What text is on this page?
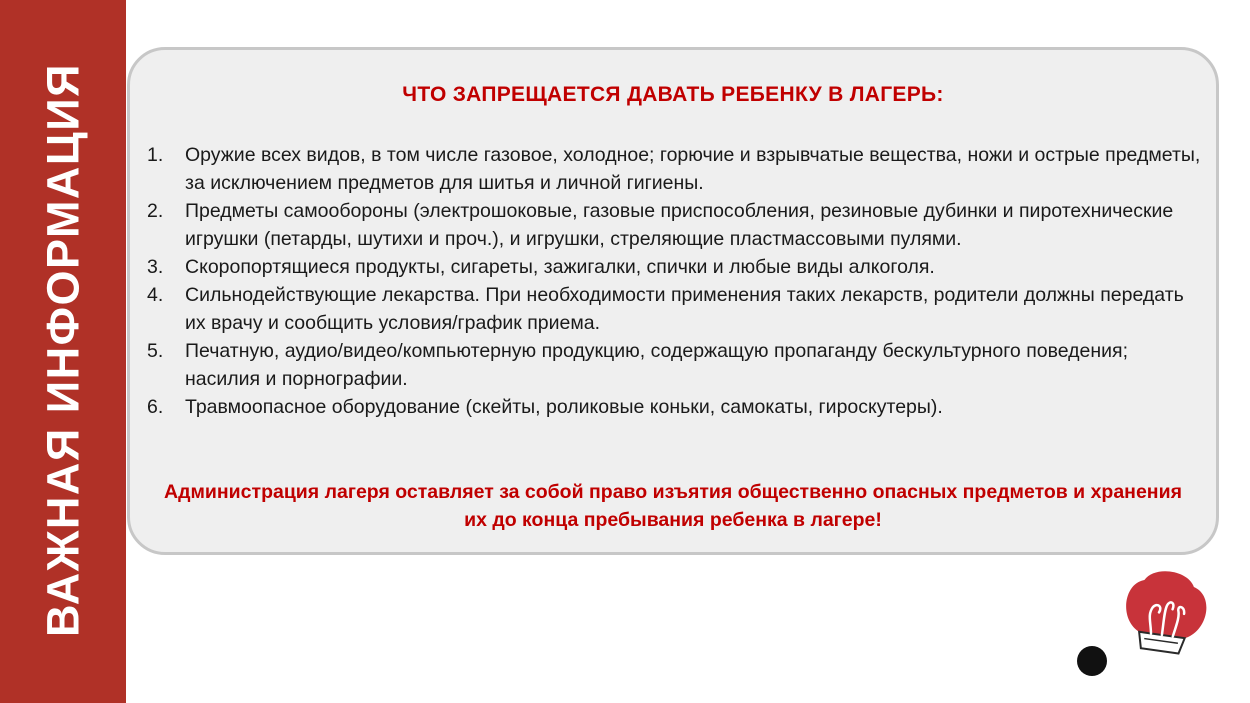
ВАЖНАЯ ИНФОРМАЦИЯ	ЧТО ЗАПРЕЩАЕТСЯ ДАВАТЬ РЕБЕНКУ В ЛАГЕРЬ:
1. Оружие всех видов, в том числе газовое, холодное; горючие и взрывчатые вещества, ножи и острые предметы, за исключением предметов для шитья и личной гигиены.
2. Предметы самообороны (электрошоковые, газовые приспособления, резиновые дубинки и пиротехнические игрушки (петарды, шутихи и проч.), и игрушки, стреляющие пластмассовыми пулями.
3. Скоропортящиеся продукты, сигареты, зажигалки, спички и любые виды алкоголя.
4. Сильнодействующие лекарства. При необходимости применения таких лекарств, родители должны передать их врачу и сообщить условия/график приема.
5. Печатную, аудио/видео/компьютерную продукцию, содержащую пропаганду бескультурного поведения; насилия и порнографии.
6. Травмоопасное оборудование (скейты, роликовые коньки, самокаты, гироскутеры).
Администрация лагеря оставляет за собой право изъятия общественно опасных предметов и хранения их до конца пребывания ребенка в лагере!
